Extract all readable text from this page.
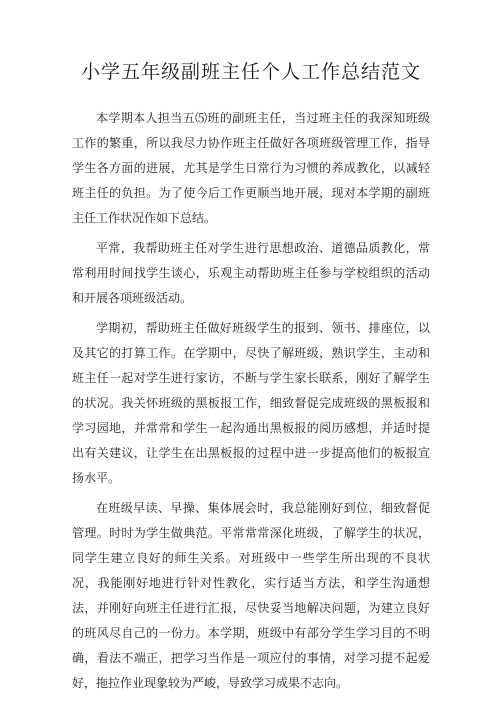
小学五年级副班主任个人工作总结范文

本学期本人担当五⑸班的副班主任，当过班主任的我深知班级工作的繁重，所以我尽力协作班主任做好各项班级管理工作，指导学生各方面的进展，尤其是学生日常行为习惯的养成教化，以减轻班主任的负担。为了使今后工作更顺当地开展，现对本学期的副班主任工作状况作如下总结。

平常，我帮助班主任对学生进行思想政治、道德品质教化，常常利用时间找学生谈心，乐观主动帮助班主任参与学校组织的活动和开展各项班级活动。

学期初，帮助班主任做好班级学生的报到、领书、排座位，以及其它的打算工作。在学期中，尽快了解班级，熟识学生，主动和班主任一起对学生进行家访，不断与学生家长联系，刚好了解学生的状况。我关怀班级的黑板报工作，细致督促完成班级的黑板报和学习园地，并常常和学生一起沟通出黑板报的阅历感想，并适时提出有关建议，让学生在出黑板报的过程中进一步提高他们的板报宣扬水平。

在班级早读、早操、集体展会时，我总能刚好到位，细致督促管理。时时为学生做典范。平常常常深化班级，了解学生的状况，同学生建立良好的师生关系。对班级中一些学生所出现的不良状况，我能刚好地进行针对性教化，实行适当方法，和学生沟通想法，并刚好向班主任进行汇报，尽快妥当地解决问题，为建立良好的班风尽自己的一份力。本学期，班级中有部分学生学习目的不明确，看法不端正，把学习当作是一项应付的事情，对学习提不起爱好，拖拉作业现象较为严峻，导致学习成果不志向。
